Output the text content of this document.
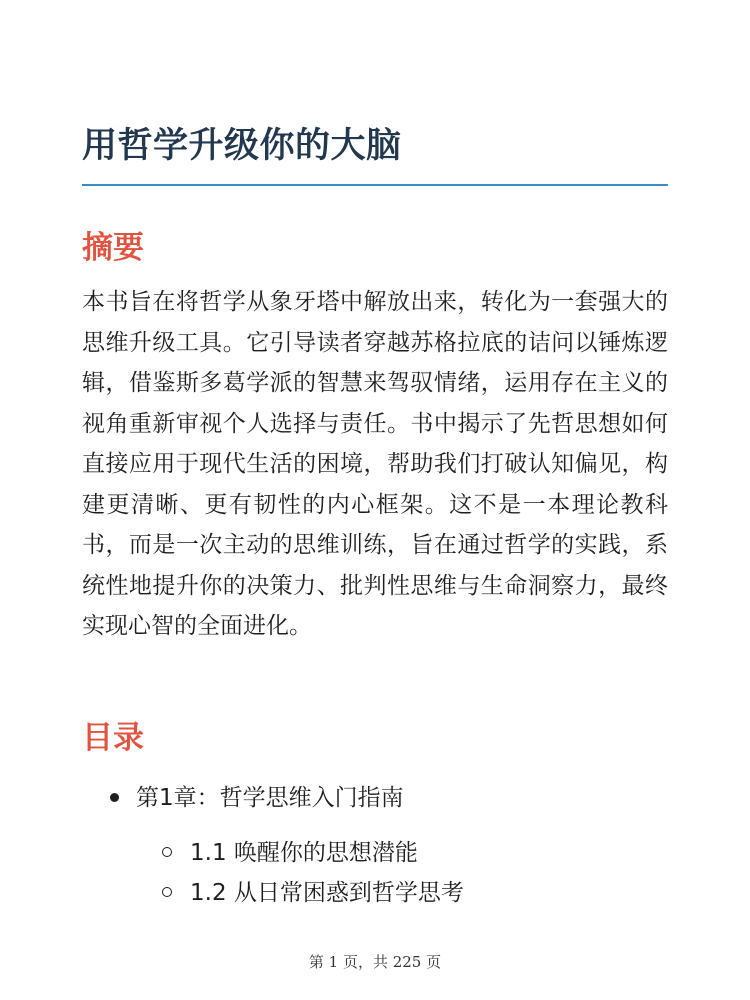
用哲学升级你的大脑
摘要

本书旨在将哲学从象牙塔中解放出来，转化为一套强大的思维升级工具。它引导读者穿越苏格拉底的诘问以锤炼逻辑，借鉴斯多葛学派的智慧来驾驭情绪，运用存在主义的视角重新审视个人选择与责任。书中揭示了先哲思想如何直接应用于现代生活的困境，帮助我们打破认知偏见，构建更清晰、更有韧性的内心框架。这不是一本理论教科书，而是一次主动的思维训练，旨在通过哲学的实践，系统性地提升你的决策力、批判性思维与生命洞察力，最终实现心智的全面进化。

目录
第1章：哲学思维入门指南
1.1 唤醒你的思想潜能
1.2 从日常困惑到哲学思考
第 1 页，共 225 页
